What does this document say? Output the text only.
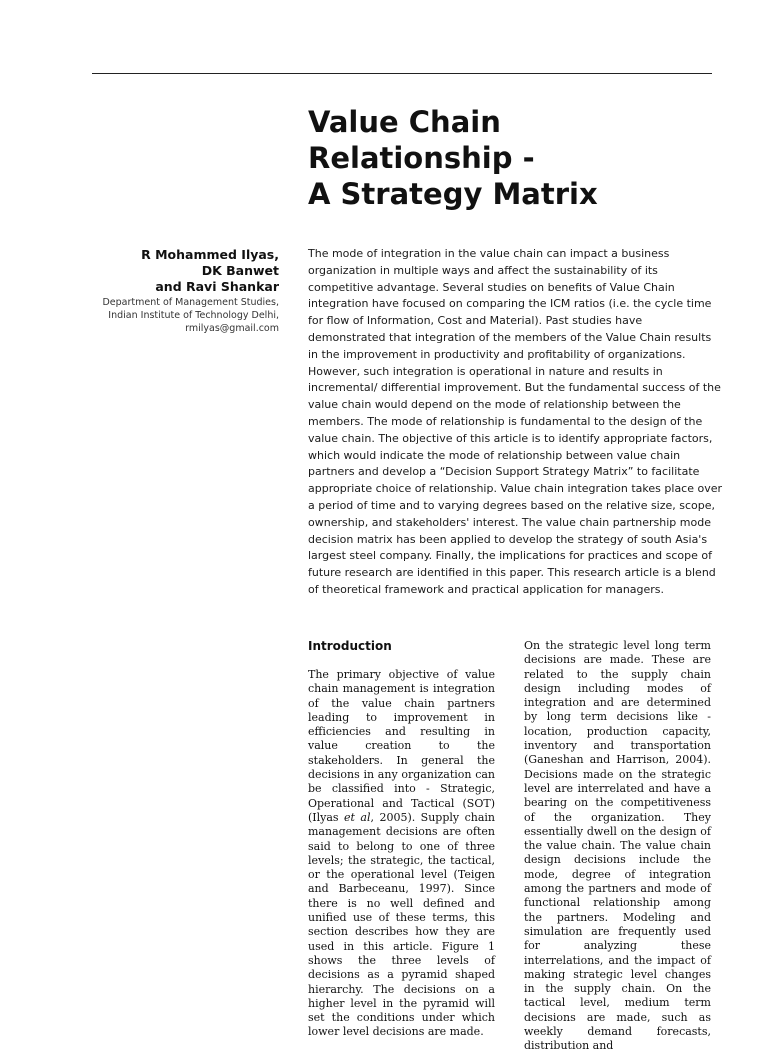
Value Chain
Relationship -
A Strategy Matrix
R Mohammed Ilyas,
DK Banwet
and Ravi Shankar
Department of Management Studies,
Indian Institute of Technology Delhi,
rmilyas@gmail.com
The mode of integration in the value chain can impact a business
organization in multiple ways and affect the sustainability of its
competitive advantage. Several studies on benefits of Value Chain
integration have focused on comparing the ICM ratios (i.e. the cycle time
for flow of Information, Cost and Material). Past studies have
demonstrated that integration of the members of the Value Chain results
in the improvement in productivity and profitability of organizations.
However, such integration is operational in nature and results in
incremental/ differential improvement. But the fundamental success of the
value chain would depend on the mode of relationship between the
members. The mode of relationship is fundamental to the design of the
value chain. The objective of this article is to identify appropriate factors,
which would indicate the mode of relationship between value chain
partners and develop a “Decision Support Strategy Matrix” to facilitate
appropriate choice of relationship. Value chain integration takes place over
a period of time and to varying degrees based on the relative size, scope,
ownership, and stakeholders' interest. The value chain partnership mode
decision matrix has been applied to develop the strategy of south Asia's
largest steel company. Finally, the implications for practices and scope of
future research are identified in this paper. This research article is a blend
of theoretical framework and practical application for managers.
Introduction

The primary objective of value chain management is integration of the value chain partners leading to improvement in efficiencies and resulting in value creation to the stakeholders. In general the decisions in any organization can be classified into - Strategic, Operational and Tactical (SOT) (Ilyas et al, 2005). Supply chain management decisions are often said to belong to one of three levels; the strategic, the tactical, or the operational level (Teigen and Barbeceanu, 1997). Since there is no well defined and unified use of these terms, this section describes how they are used in this article. Figure 1 shows the three levels of decisions as a pyramid shaped hierarchy. The decisions on a higher level in the pyramid will set the conditions under which lower level decisions are made.

On the strategic level long term decisions are made. These are related to the supply chain design including modes of integration and are determined by long term decisions like - location, production capacity, inventory and transportation (Ganeshan and Harrison, 2004). Decisions made on the strategic level are interrelated and have a bearing on the competitiveness of the organization. They essentially dwell on the design of the value chain. The value chain design decisions include the mode, degree of integration among the partners and mode of functional relationship among the partners. Modeling and simulation are frequently used for analyzing these interrelations, and the impact of making strategic level changes in the supply chain. On the tactical level, medium term decisions are made, such as weekly demand forecasts, distribution and
